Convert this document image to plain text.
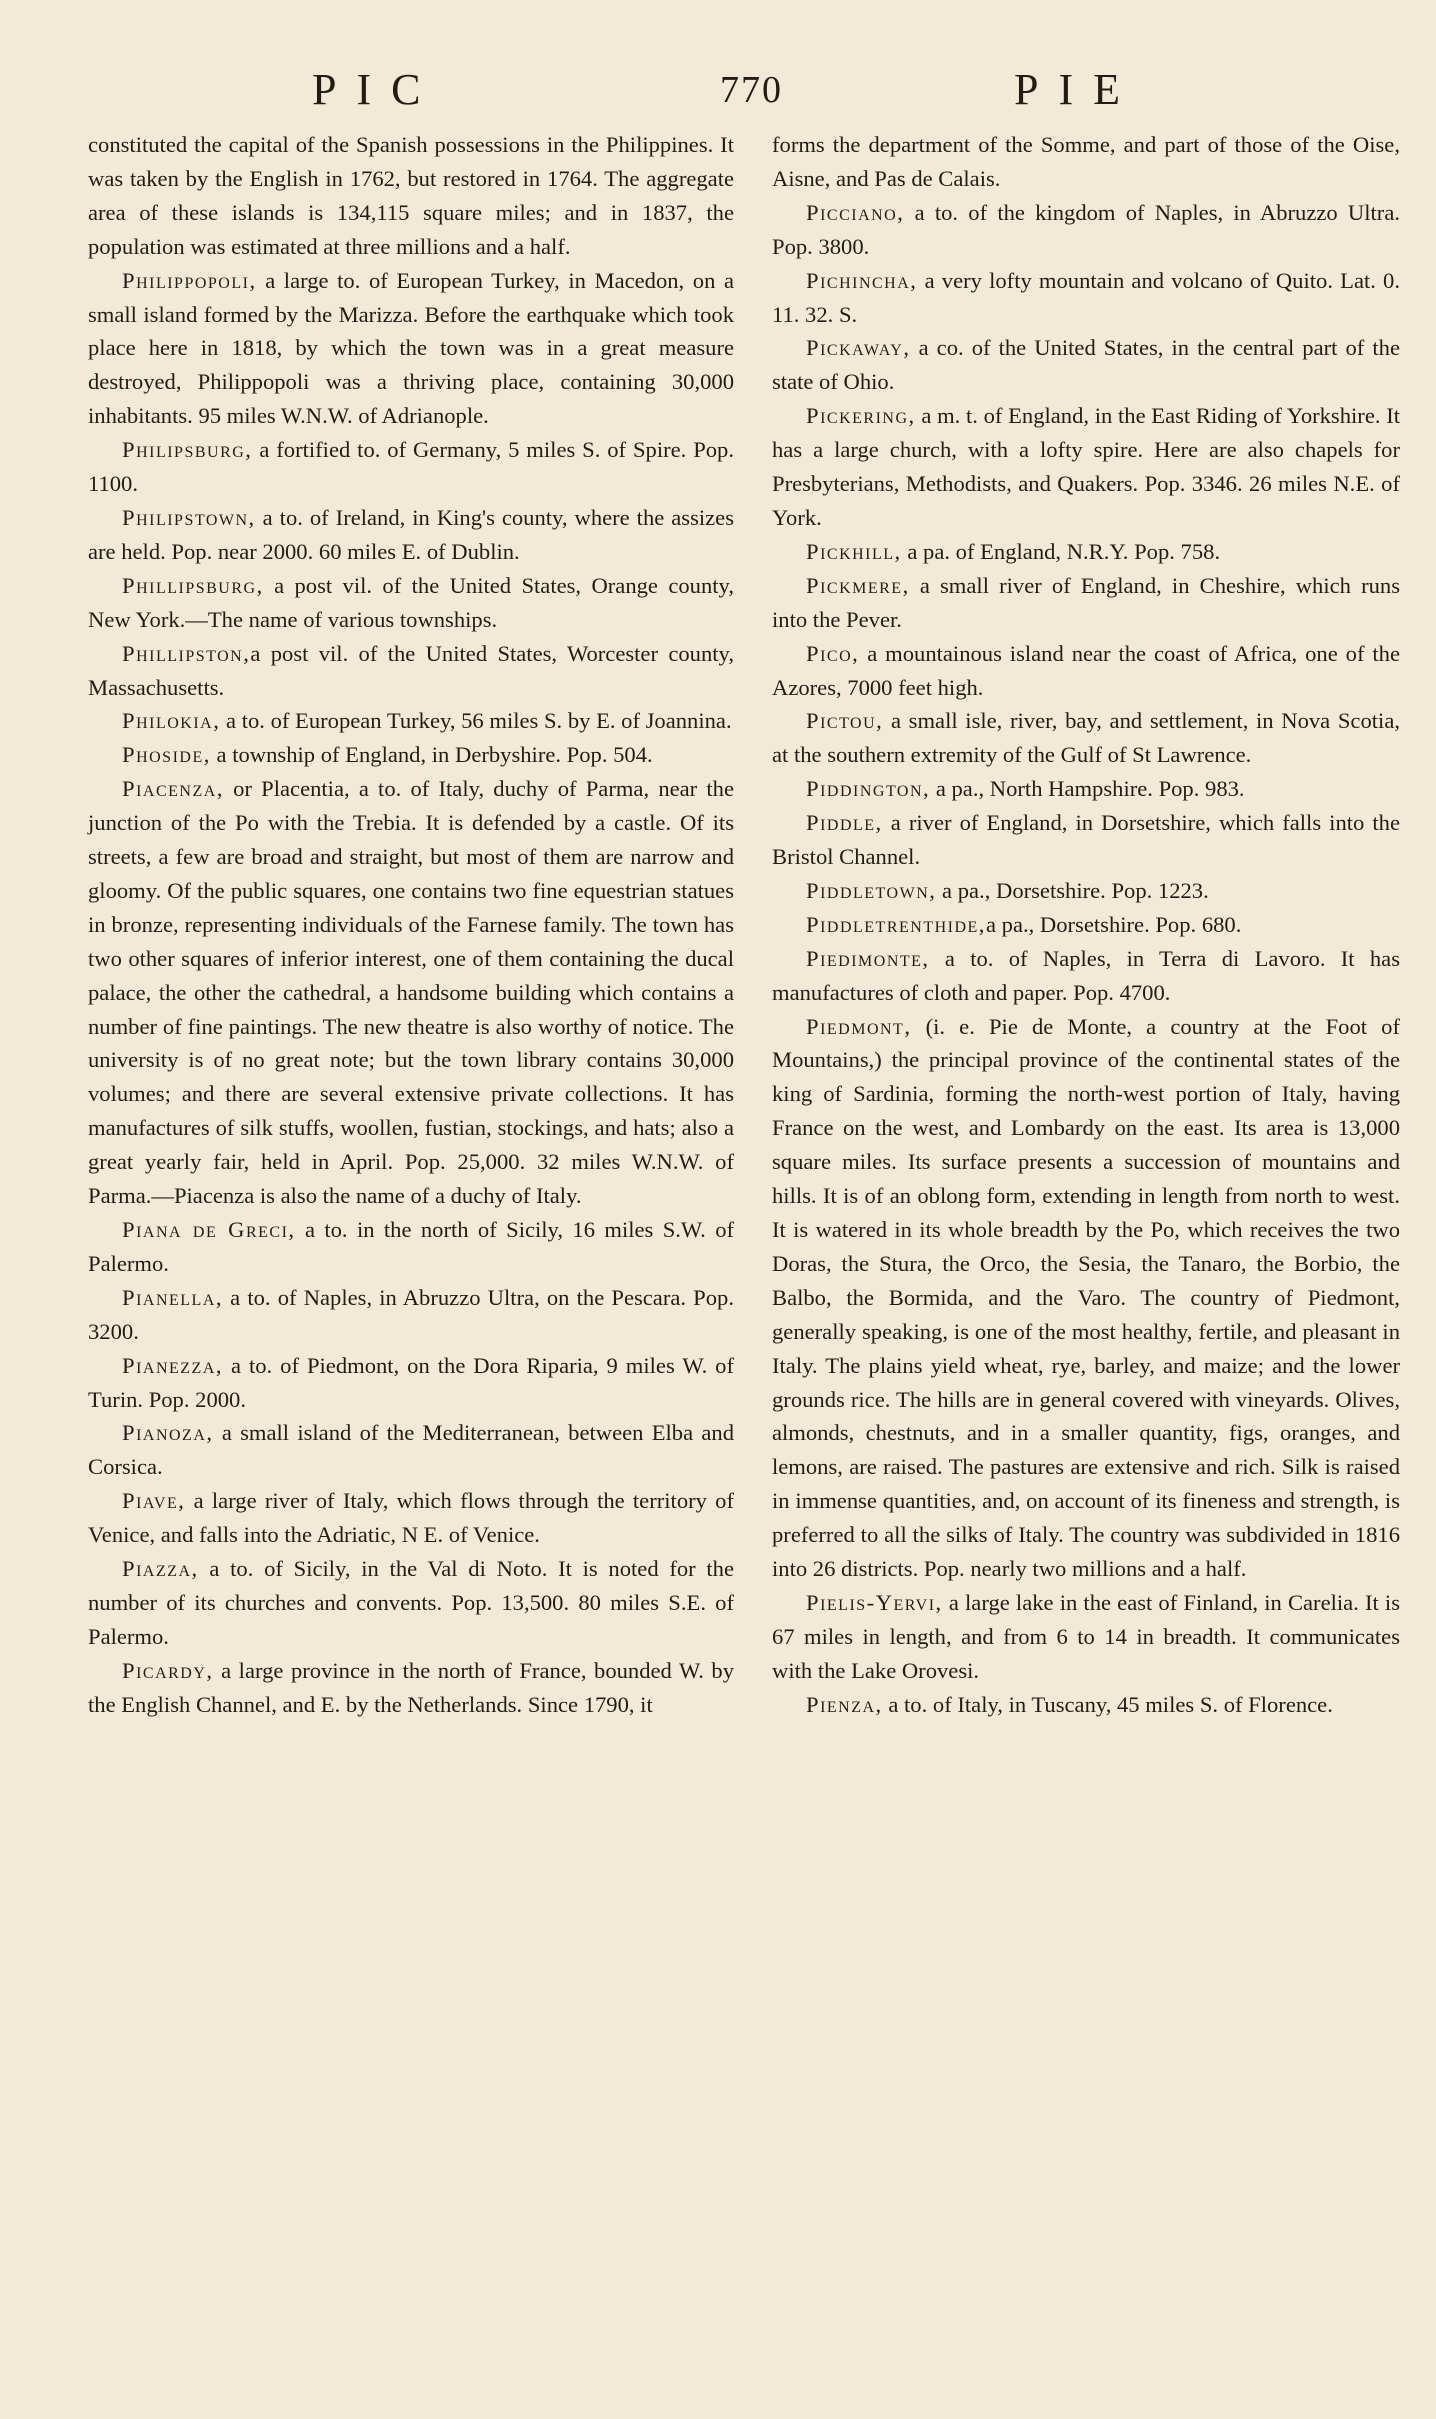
PIC	770	PIE

constituted the capital of the Spanish possessions in the Philippines. It was taken by the English in 1762, but restored in 1764. The aggregate area of these islands is 134,115 square miles; and in 1837, the population was estimated at three millions and a half.

Philippopoli, a large to. of European Turkey, in Macedon, on a small island formed by the Marizza. Before the earthquake which took place here in 1818, by which the town was in a great measure destroyed, Philippopoli was a thriving place, containing 30,000 inhabitants. 95 miles W.N.W. of Adrianople.

Philipsburg, a fortified to. of Germany, 5 miles S. of Spire. Pop. 1100.

Philipstown, a to. of Ireland, in King's county, where the assizes are held. Pop. near 2000. 60 miles E. of Dublin.

Phillipsburg, a post vil. of the United States, Orange county, New York.—The name of various townships.

Phillipston,a post vil. of the United States, Worcester county, Massachusetts.

Philokia, a to. of European Turkey, 56 miles S. by E. of Joannina.

Phoside, a township of England, in Derbyshire. Pop. 504.

Piacenza, or Placentia, a to. of Italy, duchy of Parma, near the junction of the Po with the Trebia. It is defended by a castle. Of its streets, a few are broad and straight, but most of them are narrow and gloomy. Of the public squares, one contains two fine equestrian statues in bronze, representing individuals of the Farnese family. The town has two other squares of inferior interest, one of them containing the ducal palace, the other the cathedral, a handsome building which contains a number of fine paintings. The new theatre is also worthy of notice. The university is of no great note; but the town library contains 30,000 volumes; and there are several extensive private collections. It has manufactures of silk stuffs, woollen, fustian, stockings, and hats; also a great yearly fair, held in April. Pop. 25,000. 32 miles W.N.W. of Parma.—Piacenza is also the name of a duchy of Italy.

Piana de Greci, a to. in the north of Sicily, 16 miles S.W. of Palermo.

Pianella, a to. of Naples, in Abruzzo Ultra, on the Pescara. Pop. 3200.

Pianezza, a to. of Piedmont, on the Dora Riparia, 9 miles W. of Turin. Pop. 2000.

Pianoza, a small island of the Mediterranean, between Elba and Corsica.

Piave, a large river of Italy, which flows through the territory of Venice, and falls into the Adriatic, N E. of Venice.

Piazza, a to. of Sicily, in the Val di Noto. It is noted for the number of its churches and convents. Pop. 13,500. 80 miles S.E. of Palermo.

Picardy, a large province in the north of France, bounded W. by the English Channel, and E. by the Netherlands. Since 1790, it

forms the department of the Somme, and part of those of the Oise, Aisne, and Pas de Calais.

Picciano, a to. of the kingdom of Naples, in Abruzzo Ultra. Pop. 3800.

Pichincha, a very lofty mountain and volcano of Quito. Lat. 0. 11. 32. S.

Pickaway, a co. of the United States, in the central part of the state of Ohio.

Pickering, a m. t. of England, in the East Riding of Yorkshire. It has a large church, with a lofty spire. Here are also chapels for Presbyterians, Methodists, and Quakers. Pop. 3346. 26 miles N.E. of York.

Pickhill, a pa. of England, N.R.Y. Pop. 758.

Pickmere, a small river of England, in Cheshire, which runs into the Pever.

Pico, a mountainous island near the coast of Africa, one of the Azores, 7000 feet high.

Pictou, a small isle, river, bay, and settlement, in Nova Scotia, at the southern extremity of the Gulf of St Lawrence.

Piddington, a pa., North Hampshire. Pop. 983.

Piddle, a river of England, in Dorsetshire, which falls into the Bristol Channel.

Piddletown, a pa., Dorsetshire. Pop. 1223.

Piddletrenthide,a pa., Dorsetshire. Pop. 680.

Piedimonte, a to. of Naples, in Terra di Lavoro. It has manufactures of cloth and paper. Pop. 4700.

Piedmont, (i. e. Pie de Monte, a country at the Foot of Mountains,) the principal province of the continental states of the king of Sardinia, forming the north-west portion of Italy, having France on the west, and Lombardy on the east. Its area is 13,000 square miles. Its surface presents a succession of mountains and hills. It is of an oblong form, extending in length from north to west. It is watered in its whole breadth by the Po, which receives the two Doras, the Stura, the Orco, the Sesia, the Tanaro, the Borbio, the Balbo, the Bormida, and the Varo. The country of Piedmont, generally speaking, is one of the most healthy, fertile, and pleasant in Italy. The plains yield wheat, rye, barley, and maize; and the lower grounds rice. The hills are in general covered with vineyards. Olives, almonds, chestnuts, and in a smaller quantity, figs, oranges, and lemons, are raised. The pastures are extensive and rich. Silk is raised in immense quantities, and, on account of its fineness and strength, is preferred to all the silks of Italy. The country was subdivided in 1816 into 26 districts. Pop. nearly two millions and a half.

Pielis-Yervi, a large lake in the east of Finland, in Carelia. It is 67 miles in length, and from 6 to 14 in breadth. It communicates with the Lake Orovesi.

Pienza, a to. of Italy, in Tuscany, 45 miles S. of Florence.
